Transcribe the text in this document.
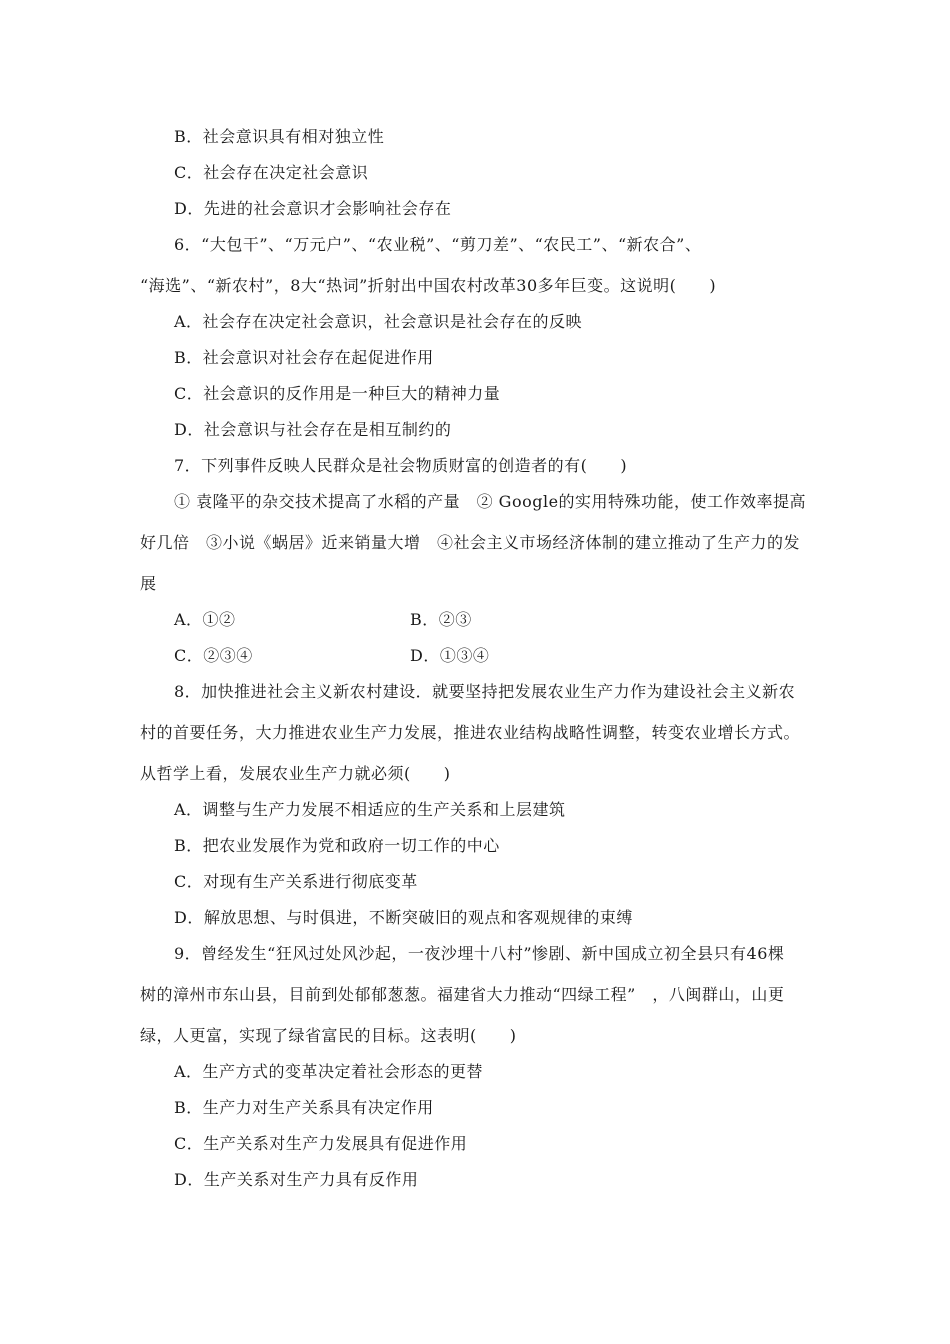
B．社会意识具有相对独立性
C．社会存在决定社会意识
D．先进的社会意识才会影响社会存在
6．“大包干”、“万元户”、“农业税”、“剪刀差”、“农民工”、“新农合”、
“海选”、“新农村”，8大“热词”折射出中国农村改革30多年巨变。这说明(　　)
A．社会存在决定社会意识，社会意识是社会存在的反映
B．社会意识对社会存在起促进作用
C．社会意识的反作用是一种巨大的精神力量
D．社会意识与社会存在是相互制约的
7．下列事件反映人民群众是社会物质财富的创造者的有(　　)
① 袁隆平的杂交技术提高了水稻的产量　② Google的实用特殊功能，使工作效率提高
好几倍　③小说《蜗居》近来销量大增　④社会主义市场经济体制的建立推动了生产力的发
展
A．①②	B．②③
C．②③④	D．①③④
8．加快推进社会主义新农村建设．就要坚持把发展农业生产力作为建设社会主义新农
村的首要任务，大力推进农业生产力发展，推进农业结构战略性调整，转变农业增长方式。
从哲学上看，发展农业生产力就必须(　　)
A．调整与生产力发展不相适应的生产关系和上层建筑
B．把农业发展作为党和政府一切工作的中心
C．对现有生产关系进行彻底变革
D．解放思想、与时俱进，不断突破旧的观点和客观规律的束缚
9．曾经发生“狂风过处风沙起，一夜沙埋十八村”惨剧、新中国成立初全县只有46棵
树的漳州市东山县，目前到处郁郁葱葱。福建省大力推动“四绿工程”　，八闽群山，山更
绿，人更富，实现了绿省富民的目标。这表明(　　)
A．生产方式的变革决定着社会形态的更替
B．生产力对生产关系具有决定作用
C．生产关系对生产力发展具有促进作用
D．生产关系对生产力具有反作用
